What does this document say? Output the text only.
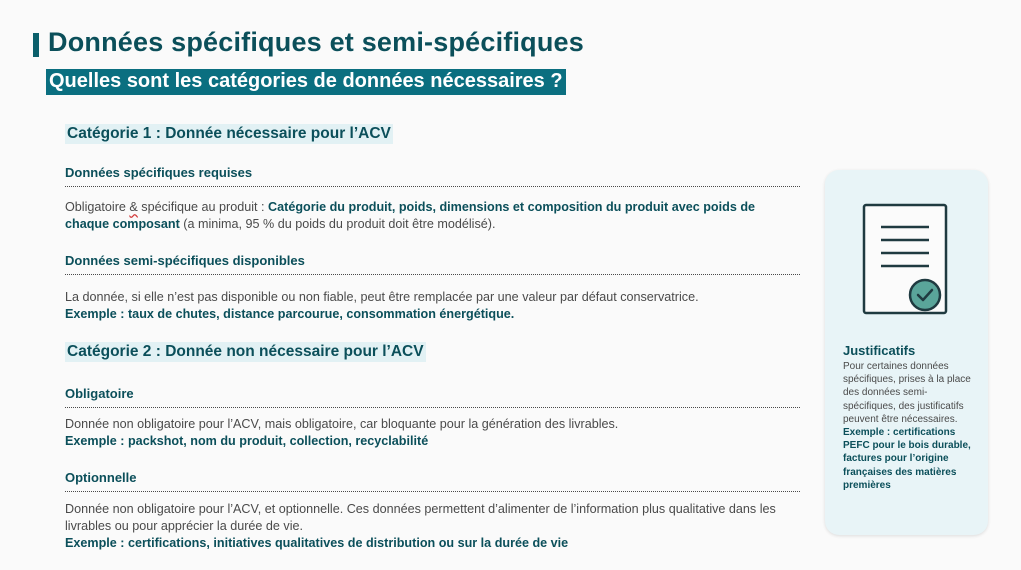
Données spécifiques et semi-spécifiques
Quelles sont les catégories de données nécessaires ?
Catégorie 1 : Donnée nécessaire pour l’ACV
Données spécifiques requises
Obligatoire & spécifique au produit : Catégorie du produit, poids, dimensions et composition du produit avec poids de chaque composant (a minima, 95 % du poids du produit doit être modélisé).
Données semi-spécifiques disponibles
La donnée, si elle n’est pas disponible ou non fiable, peut être remplacée par une valeur par défaut conservatrice.
Exemple : taux de chutes, distance parcourue, consommation énergétique.
Catégorie 2 : Donnée non nécessaire pour l’ACV
Obligatoire
Donnée non obligatoire pour l’ACV, mais obligatoire, car bloquante pour la génération des livrables.
Exemple : packshot, nom du produit, collection, recyclabilité
Optionnelle
Donnée non obligatoire pour l’ACV, et optionnelle. Ces données permettent d’alimenter de l’information plus qualitative dans les livrables ou pour apprécier la durée de vie.
Exemple : certifications, initiatives qualitatives de distribution ou sur la durée de vie
Justificatifs
Pour certaines données spécifiques, prises à la place des données semi-spécifiques, des justificatifs peuvent être nécessaires.
Exemple : certifications PEFC pour le bois durable, factures pour l’origine françaises des matières premières
